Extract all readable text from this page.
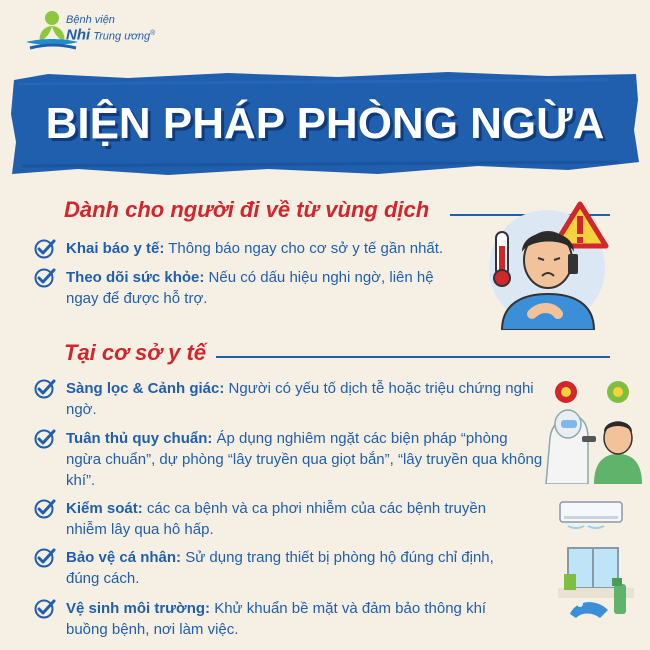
Bệnh viện
Nhi Trung ương®
BIỆN PHÁP PHÒNG NGỪA
Dành cho người đi về từ vùng dịch
Khai báo y tế: Thông báo ngay cho cơ sở y tế gần nhất.
Theo dõi sức khỏe: Nếu có dấu hiệu nghi ngờ, liên hệ ngay để được hỗ trợ.
Tại cơ sở y tế
Sàng lọc & Cảnh giác: Người có yếu tố dịch tễ hoặc triệu chứng nghi ngờ.
Tuân thủ quy chuẩn: Áp dụng nghiêm ngặt các biện pháp “phòng ngừa chuẩn”, dự phòng “lây truyền qua giọt bắn”, “lây truyền qua không khí”.
Kiểm soát: các ca bệnh và ca phơi nhiễm của các bệnh truyền nhiễm lây qua hô hấp.
Bảo vệ cá nhân: Sử dụng trang thiết bị phòng hộ đúng chỉ định, đúng cách.
Vệ sinh môi trường: Khử khuẩn bề mặt và đảm bảo thông khí buồng bệnh, nơi làm việc.
